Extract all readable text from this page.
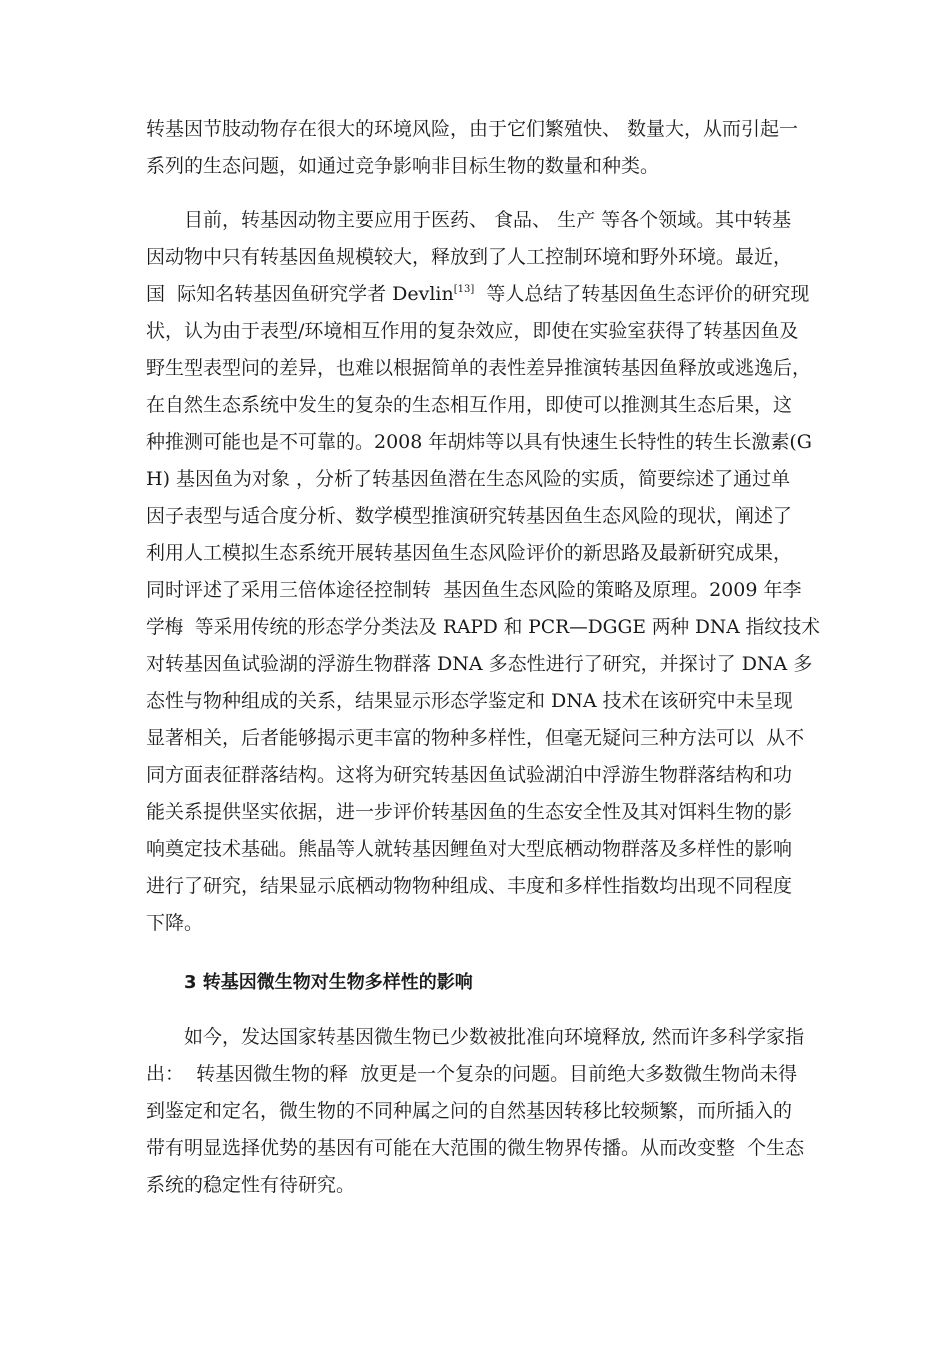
转基因节肢动物存在很大的环境风险，由于它们繁殖快、 数量大，从而引起一
系列的生态问题，如通过竞争影响非目标生物的数量和种类。
目前，转基因动物主要应用于医药、 食品、 生产 等各个领域。其中转基
因动物中只有转基因鱼规模较大，释放到了人工控制环境和野外环境。最近，
国  际知名转基因鱼研究学者 Devlin[13]  等人总结了转基因鱼生态评价的研究现
状，认为由于表型/环境相互作用的复杂效应，即使在实验室获得了转基因鱼及
野生型表型问的差异，也难以根据简单的表性差异推演转基因鱼释放或逃逸后，
在自然生态系统中发生的复杂的生态相互作用，即使可以推测其生态后果，这
种推测可能也是不可靠的。2008 年胡炜等以具有快速生长特性的转生长激素(G
H) 基因鱼为对象 ，分析了转基因鱼潜在生态风险的实质，简要综述了通过单
因子表型与适合度分析、数学模型推演研究转基因鱼生态风险的现状，阐述了
利用人工模拟生态系统开展转基因鱼生态风险评价的新思路及最新研究成果，
同时评述了采用三倍体途径控制转  基因鱼生态风险的策略及原理。2009 年李
学梅  等采用传统的形态学分类法及 RAPD 和 PCR—DGGE 两种 DNA 指纹技术
对转基因鱼试验湖的浮游生物群落 DNA 多态性进行了研究，并探讨了 DNA 多
态性与物种组成的关系，结果显示形态学鉴定和 DNA 技术在该研究中未呈现
显著相关，后者能够揭示更丰富的物种多样性，但毫无疑问三种方法可以  从不
同方面表征群落结构。这将为研究转基因鱼试验湖泊中浮游生物群落结构和功
能关系提供坚实依据，进一步评价转基因鱼的生态安全性及其对饵料生物的影
响奠定技术基础。熊晶等人就转基因鲤鱼对大型底栖动物群落及多样性的影响
进行了研究，结果显示底栖动物物种组成、丰度和多样性指数均出现不同程度
下降。
3 转基因微生物对生物多样性的影响
如今，发达国家转基因微生物已少数被批准向环境释放, 然而许多科学家指
出：  转基因微生物的释  放更是一个复杂的问题。目前绝大多数微生物尚未得
到鉴定和定名，微生物的不同种属之问的自然基因转移比较频繁，而所插入的
带有明显选择优势的基因有可能在大范围的微生物界传播。从而改变整  个生态
系统的稳定性有待研究。
